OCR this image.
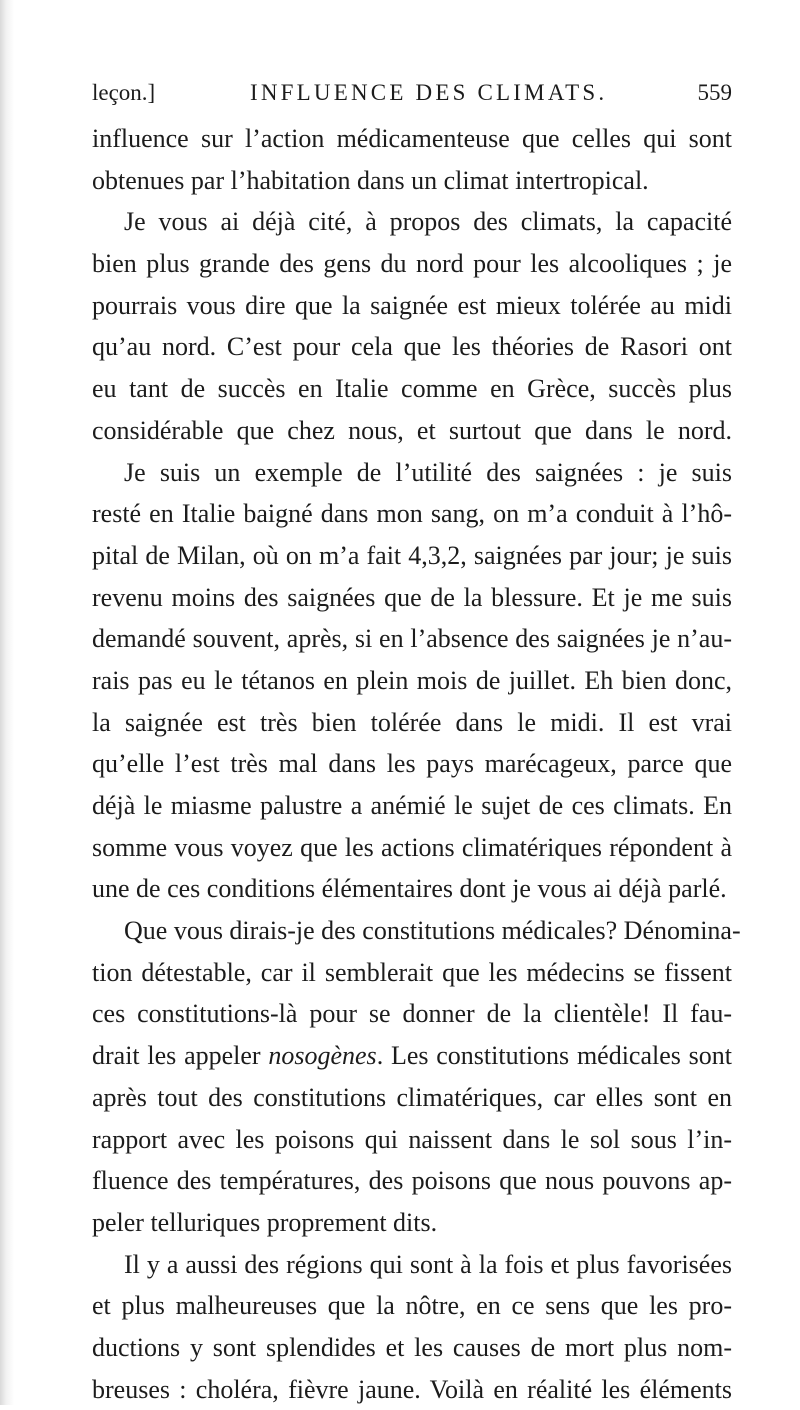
leçon.]	INFLUENCE DES CLIMATS.	559
influence sur l’action médicamenteuse que celles qui sont
obtenues par l’habitation dans un climat intertropical.
Je vous ai déjà cité, à propos des climats, la capacité
bien plus grande des gens du nord pour les alcooliques ; je
pourrais vous dire que la saignée est mieux tolérée au midi
qu’au nord. C’est pour cela que les théories de Rasori ont
eu tant de succès en Italie comme en Grèce, succès plus
considérable que chez nous, et surtout que dans le nord.
Je suis un exemple de l’utilité des saignées : je suis
resté en Italie baigné dans mon sang, on m’a conduit à l’hô-
pital de Milan, où on m’a fait 4,3,2, saignées par jour; je suis
revenu moins des saignées que de la blessure. Et je me suis
demandé souvent, après, si en l’absence des saignées je n’au-
rais pas eu le tétanos en plein mois de juillet. Eh bien donc,
la saignée est très bien tolérée dans le midi. Il est vrai
qu’elle l’est très mal dans les pays marécageux, parce que
déjà le miasme palustre a anémié le sujet de ces climats. En
somme vous voyez que les actions climatériques répondent à
une de ces conditions élémentaires dont je vous ai déjà parlé.
Que vous dirais-je des constitutions médicales? Dénomina-
tion détestable, car il semblerait que les médecins se fissent
ces constitutions-là pour se donner de la clientèle! Il fau-
drait les appeler nosogènes. Les constitutions médicales sont
après tout des constitutions climatériques, car elles sont en
rapport avec les poisons qui naissent dans le sol sous l’in-
fluence des températures, des poisons que nous pouvons ap-
peler telluriques proprement dits.
Il y a aussi des régions qui sont à la fois et plus favorisées
et plus malheureuses que la nôtre, en ce sens que les pro-
ductions y sont splendides et les causes de mort plus nom-
breuses : choléra, fièvre jaune. Voilà en réalité les éléments
